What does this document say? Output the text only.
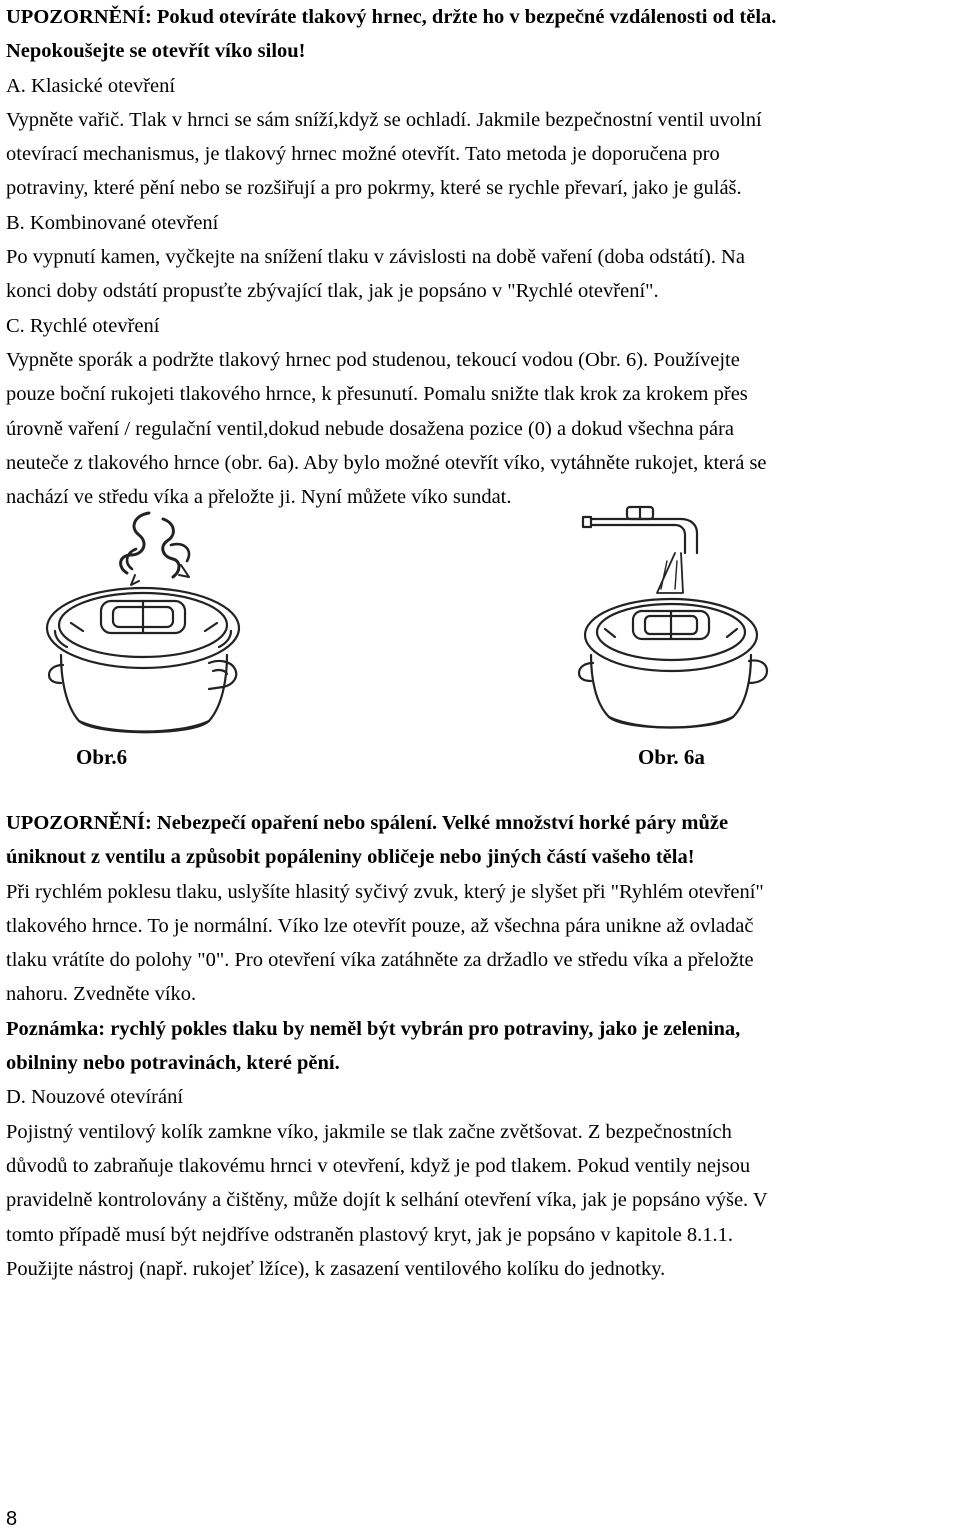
UPOZORNĚNÍ: Pokud otevíráte tlakový hrnec, držte ho v bezpečné vzdálenosti od těla.
Nepokoušejte se otevřít víko silou!
A. Klasické otevření
Vypněte vařič. Tlak v hrnci se sám sníží,když se ochladí. Jakmile bezpečnostní ventil uvolní
otevírací mechanismus, je tlakový hrnec možné otevřít. Tato metoda je doporučena pro
potraviny, které pění nebo se rozšiřují a pro pokrmy, které se rychle převarí, jako je guláš.
B. Kombinované otevření
Po vypnutí kamen, vyčkejte na snížení tlaku v závislosti na době vaření (doba odstátí). Na
konci doby odstátí propusťte zbývající tlak, jak je popsáno v "Rychlé otevření".
C. Rychlé otevření
Vypněte sporák a podržte tlakový hrnec pod studenou, tekoucí vodou (Obr. 6). Používejte
pouze boční rukojeti tlakového hrnce, k přesunutí. Pomalu snižte tlak krok za krokem přes
úrovně vaření / regulační ventil,dokud nebude dosažena pozice (0) a dokud všechna pára
neuteče z tlakového hrnce (obr. 6a). Aby bylo možné otevřít víko, vytáhněte rukojet, která se
nachází ve středu víka a přeložte ji. Nyní můžete víko sundat.
Obr.6	Obr. 6a
UPOZORNĚNÍ: Nebezpečí opaření nebo spálení. Velké množství horké páry může
úniknout z ventilu a způsobit popáleniny obličeje nebo jiných částí vašeho těla!
Při rychlém poklesu tlaku, uslyšíte hlasitý syčivý zvuk, který je slyšet při "Ryhlém otevření"
tlakového hrnce. To je normální. Víko lze otevřít pouze, až všechna pára unikne až ovladač
tlaku vrátíte do polohy "0". Pro otevření víka zatáhněte za držadlo ve středu víka a přeložte
nahoru. Zvedněte víko.
Poznámka: rychlý pokles tlaku by neměl být vybrán pro potraviny, jako je zelenina,
obilniny nebo potravinách, které pění.
D. Nouzové otevírání
Pojistný ventilový kolík zamkne víko, jakmile se tlak začne zvětšovat. Z bezpečnostních
důvodů to zabraňuje tlakovému hrnci v otevření, když je pod tlakem. Pokud ventily nejsou
pravidelně kontrolovány a čištěny, může dojít k selhání otevření víka, jak je popsáno výše. V
tomto případě musí být nejdříve odstraněn plastový kryt, jak je popsáno v kapitole 8.1.1.
Použijte nástroj (např. rukojeť lžíce), k zasazení ventilového kolíku do jednotky.
8
